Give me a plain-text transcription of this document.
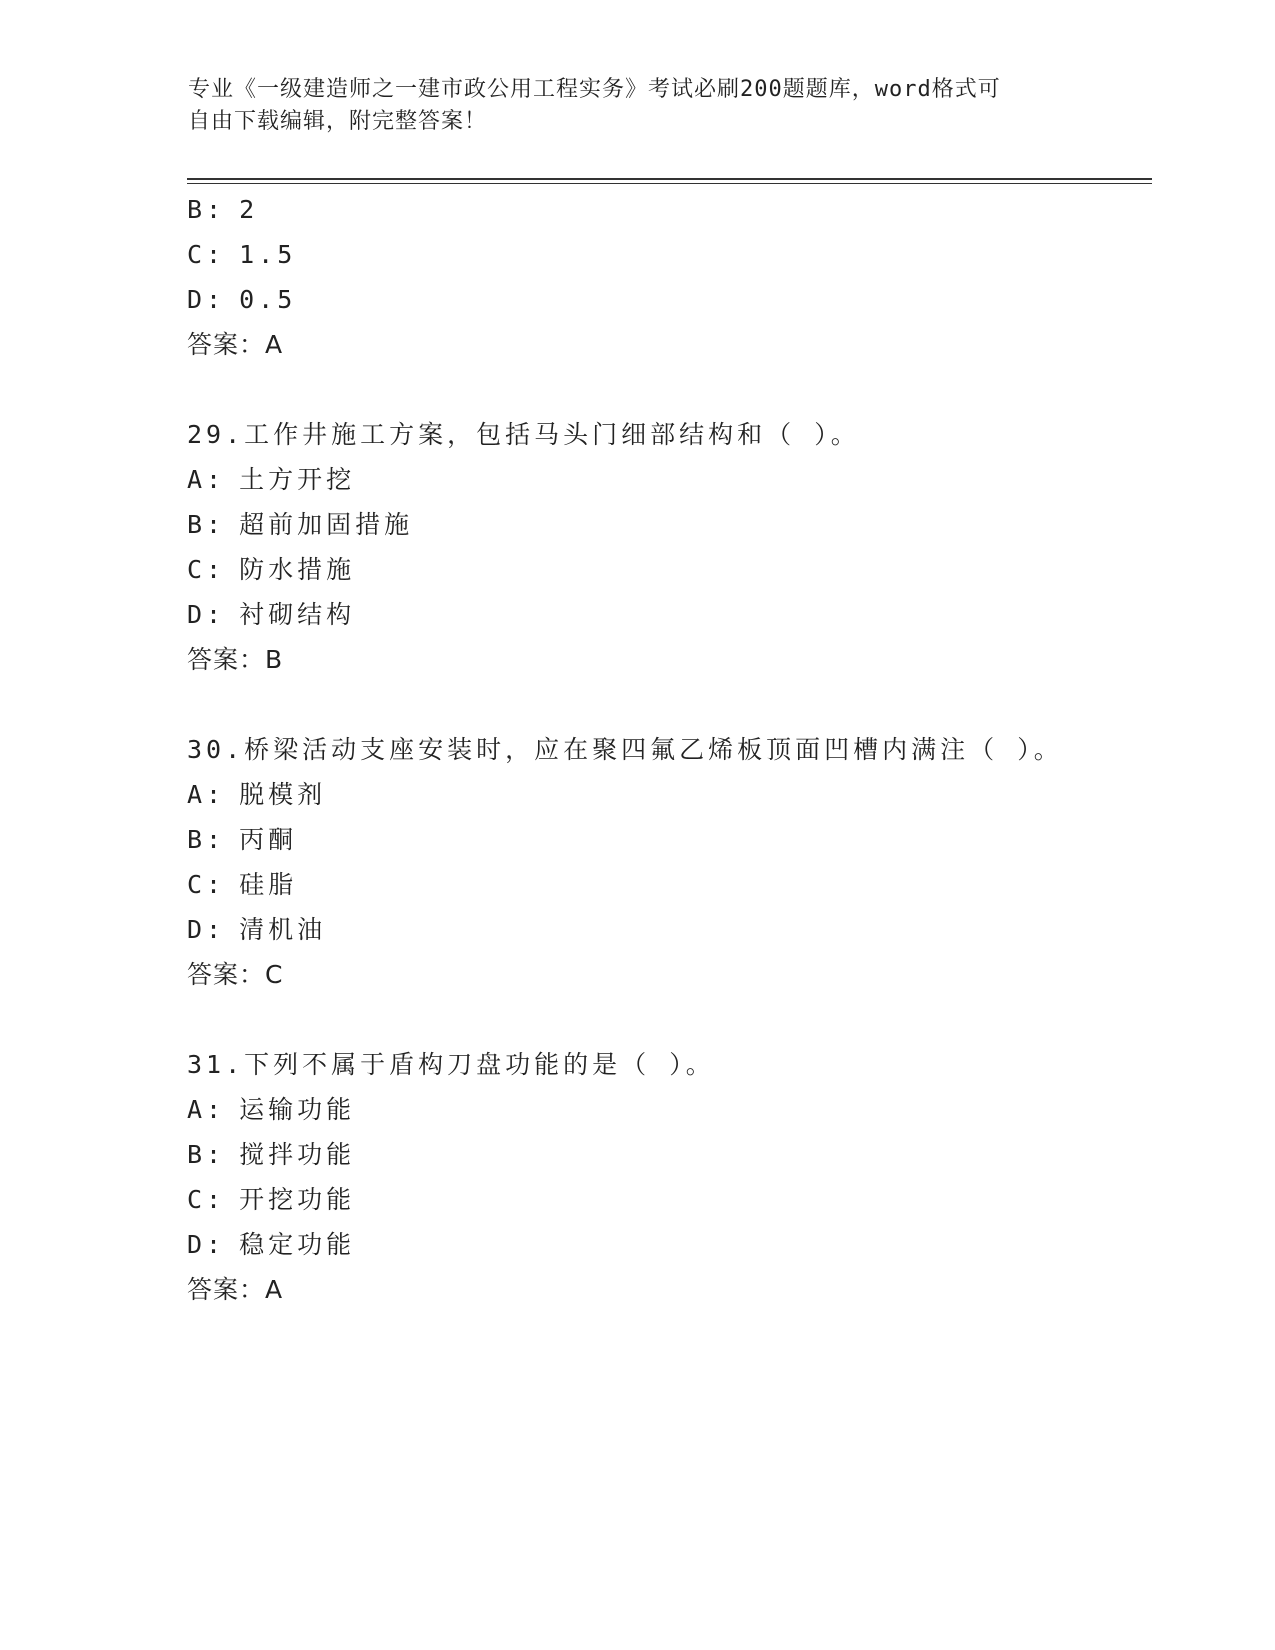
专业《一级建造师之一建市政公用工程实务》考试必刷200题题库，word格式可
自由下载编辑，附完整答案！
B: 2
C: 1.5
D: 0.5
答案：A
29.工作井施工方案，包括马头门细部结构和（ ）。
A: 土方开挖
B: 超前加固措施
C: 防水措施
D: 衬砌结构
答案：B
30.桥梁活动支座安装时，应在聚四氟乙烯板顶面凹槽内满注（ ）。
A: 脱模剂
B: 丙酮
C: 硅脂
D: 清机油
答案：C
31.下列不属于盾构刀盘功能的是（ ）。
A: 运输功能
B: 搅拌功能
C: 开挖功能
D: 稳定功能
答案：A
